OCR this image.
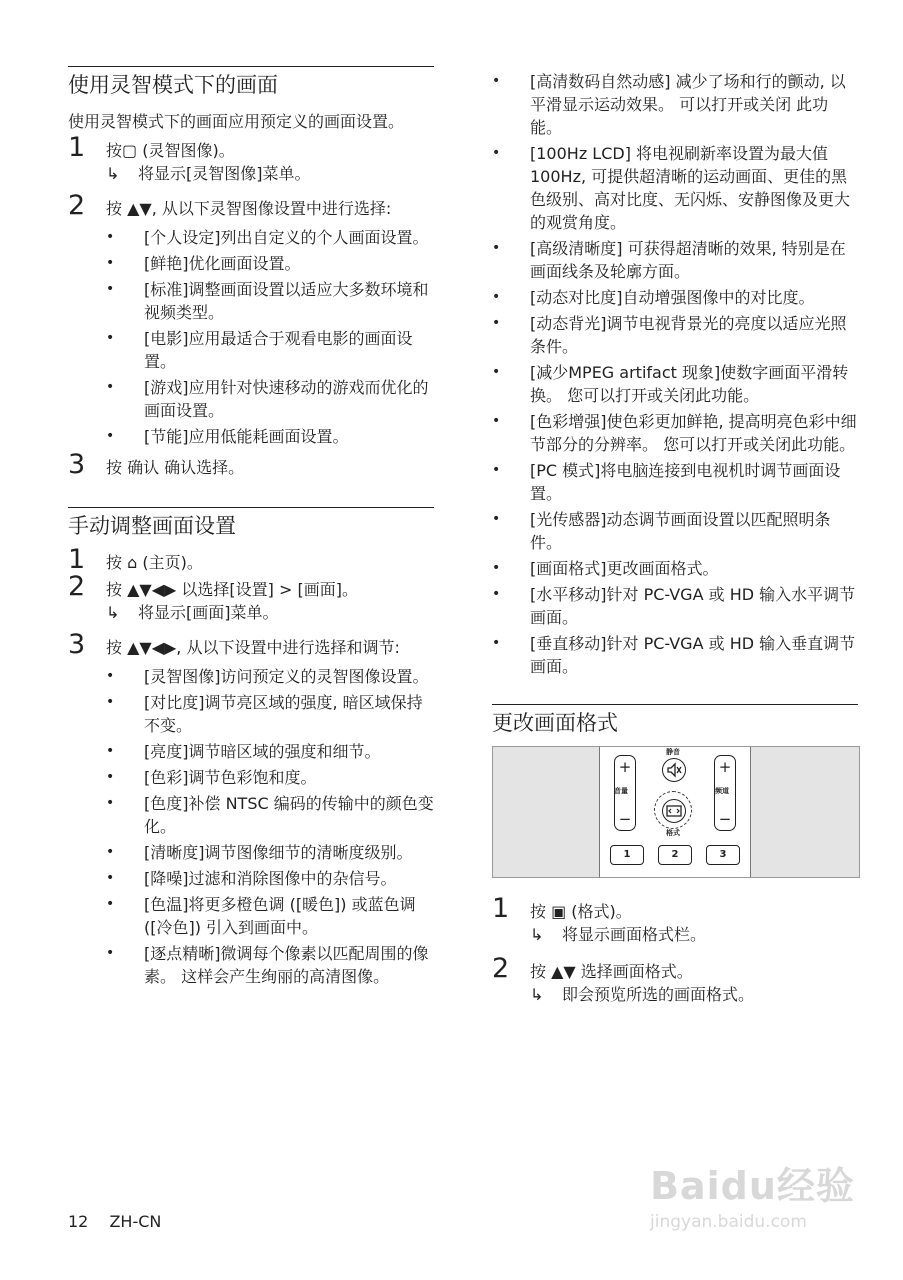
使用灵智模式下的画面

使用灵智模式下的画面应用预定义的画面设置。

1 按▢ (灵智图像)。
↳ 将显示[灵智图像]菜单。
2 按 ▲▼, 从以下灵智图像设置中进行选择:
• [个人设定]列出自定义的个人画面设置。
• [鲜艳]优化画面设置。
• [标准]调整画面设置以适应大多数环境和视频类型。
• [电影]应用最适合于观看电影的画面设置。
• [游戏]应用针对快速移动的游戏而优化的画面设置。
• [节能]应用低能耗画面设置。
3 按 确认 确认选择。
手动调整画面设置
1 按 ⌂ (主页)。
2 按 ▲▼◀▶ 以选择[设置] > [画面]。
↳ 将显示[画面]菜单。
3 按 ▲▼◀▶, 从以下设置中进行选择和调节:
• [灵智图像]访问预定义的灵智图像设置。
• [对比度]调节亮区域的强度, 暗区域保持不变。
• [亮度]调节暗区域的强度和细节。
• [色彩]调节色彩饱和度。
• [色度]补偿 NTSC 编码的传输中的颜色变化。
• [清晰度]调节图像细节的清晰度级别。
• [降噪]过滤和消除图像中的杂信号。
• [色温]将更多橙色调 ([暖色]) 或蓝色调 ([冷色]) 引入到画面中。
• [逐点精晰]微调每个像素以匹配周围的像素。 这样会产生绚丽的高清图像。
• [高清数码自然动感] 减少了场和行的颤动, 以平滑显示运动效果。 可以打开或关闭 此功能。
• [100Hz LCD] 将电视刷新率设置为最大值 100Hz, 可提供超清晰的运动画面、更佳的黑色级别、高对比度、无闪烁、安静图像及更大的观赏角度。
• [高级清晰度] 可获得超清晰的效果, 特别是在画面线条及轮廓方面。
• [动态对比度]自动增强图像中的对比度。
• [动态背光]调节电视背景光的亮度以适应光照条件。
• [减少MPEG artifact 现象]使数字画面平滑转换。 您可以打开或关闭此功能。
• [色彩增强]使色彩更加鲜艳, 提高明亮色彩中细节部分的分辨率。 您可以打开或关闭此功能。
• [PC 模式]将电脑连接到电视机时调节画面设置。
• [光传感器]动态调节画面设置以匹配照明条件。
• [画面格式]更改画面格式。
• [水平移动]针对 PC-VGA 或 HD 输入水平调节画面。
• [垂直移动]针对 PC-VGA 或 HD 输入垂直调节画面。
更改画面格式
+
−
音量
静音
格式
+
−
频道
1	2	3
1 按 ▣ (格式)。
↳ 将显示画面格式栏。
2 按 ▲▼ 选择画面格式。
↳ 即会预览所选的画面格式。
12 ZH-CN
Baidu经验
jingyan.baidu.com
